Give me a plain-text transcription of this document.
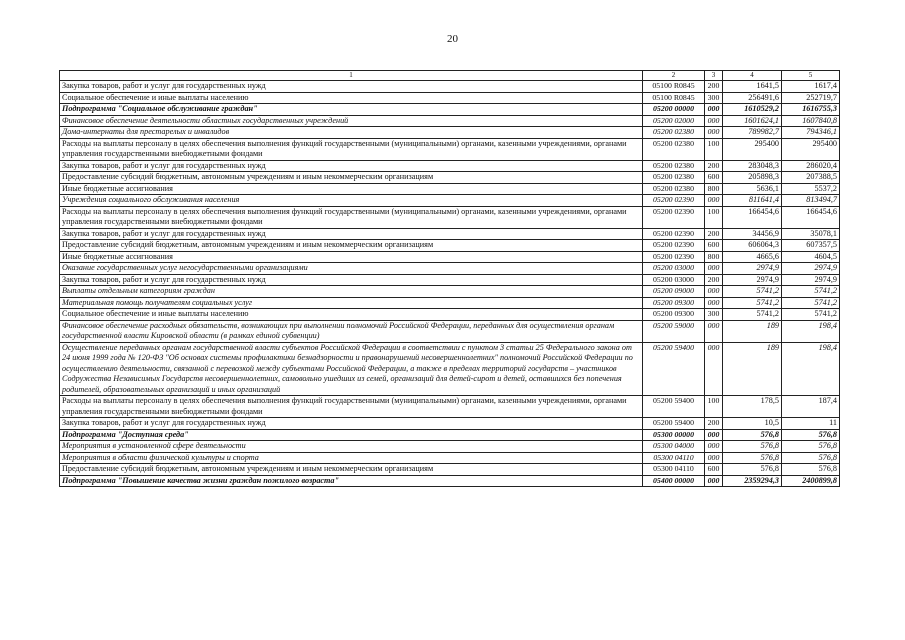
20
1	2	3	4	5
Закупка товаров, работ и услуг для государственных нужд	05100 R0845	200	1641,5	1617,4
Социальное обеспечение и иные выплаты населению	05100 R0845	300	256491,6	252719,7
Подпрограмма "Социальное обслуживание граждан"	05200 00000	000	1610529,2	1616755,3
Финансовое обеспечение деятельности областных государственных учреждений	05200 02000	000	1601624,1	1607840,8
Дома-интернаты для престарелых и инвалидов	05200 02380	000	789982,7	794346,1
Расходы на выплаты персоналу в целях обеспечения выполнения функций государственными (муниципальными) органами, казенными учреждениями, органами управления государственными внебюджетными фондами	05200 02380	100	295400	295400
Закупка товаров, работ и услуг для государственных нужд	05200 02380	200	283048,3	286020,4
Предоставление субсидий бюджетным, автономным учреждениям и иным некоммерческим организациям	05200 02380	600	205898,3	207388,5
Иные бюджетные ассигнования	05200 02380	800	5636,1	5537,2
Учреждения социального обслуживания населения	05200 02390	000	811641,4	813494,7
Расходы на выплаты персоналу в целях обеспечения выполнения функций государственными (муниципальными) органами, казенными учреждениями, органами управления государственными внебюджетными фондами	05200 02390	100	166454,6	166454,6
Закупка товаров, работ и услуг для государственных нужд	05200 02390	200	34456,9	35078,1
Предоставление субсидий бюджетным, автономным учреждениям и иным некоммерческим организациям	05200 02390	600	606064,3	607357,5
Иные бюджетные ассигнования	05200 02390	800	4665,6	4604,5
Оказание государственных услуг негосударственными организациями	05200 03000	000	2974,9	2974,9
Закупка товаров, работ и услуг для государственных нужд	05200 03000	200	2974,9	2974,9
Выплаты отдельным категориям граждан	05200 09000	000	5741,2	5741,2
Материальная помощь получателям социальных услуг	05200 09300	000	5741,2	5741,2
Социальное обеспечение и иные выплаты населению	05200 09300	300	5741,2	5741,2
Финансовое обеспечение расходных обязательств, возникающих при выполнении полномочий Российской Федерации, переданных для осуществления органам государственной власти Кировской области (в рамках единой субвенции)	05200 59000	000	189	198,4
Осуществление переданных органам государственной власти субъектов Российской Федерации в соответствии с пунктом 3 статьи 25 Федерального закона от 24 июня 1999 года № 120-ФЗ "Об основах системы профилактики безнадзорности и правонарушений несовершеннолетних" полномочий Российской Федерации по осуществлению деятельности, связанной с перевозкой между субъектами Российской Федерации, а также в пределах территорий государств – участников Содружества Независимых Государств несовершеннолетних, самовольно ушедших из семей, организаций для детей-сирот и детей, оставшихся без попечения родителей, образовательных организаций и иных организаций	05200 59400	000	189	198,4
Расходы на выплаты персоналу в целях обеспечения выполнения функций государственными (муниципальными) органами, казенными учреждениями, органами управления государственными внебюджетными фондами	05200 59400	100	178,5	187,4
Закупка товаров, работ и услуг для государственных нужд	05200 59400	200	10,5	11
Подпрограмма "Доступная среда"	05300 00000	000	576,8	576,8
Мероприятия в установленной сфере деятельности	05300 04000	000	576,8	576,8
Мероприятия в области физической культуры и спорта	05300 04110	000	576,8	576,8
Предоставление субсидий бюджетным, автономным учреждениям и иным некоммерческим организациям	05300 04110	600	576,8	576,8
Подпрограмма "Повышение качества жизни граждан пожилого возраста"	05400 00000	000	2359294,3	2400899,8
